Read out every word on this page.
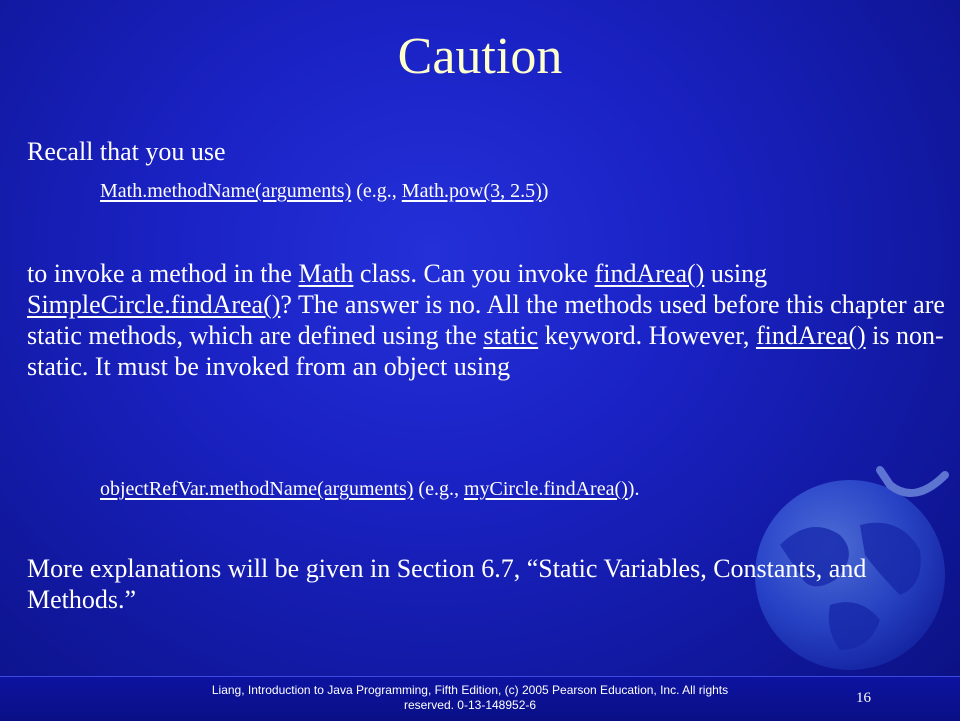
Caution
Recall that you use
Math.methodName(arguments) (e.g., Math.pow(3, 2.5))
to invoke a method in the Math class. Can you invoke findArea() using SimpleCircle.findArea()? The answer is no. All the methods used before this chapter are static methods, which are defined using the static keyword. However, findArea() is non-static. It must be invoked from an object using
objectRefVar.methodName(arguments) (e.g., myCircle.findArea()).
More explanations will be given in Section 6.7, “Static Variables, Constants, and Methods.”
Liang, Introduction to Java Programming, Fifth Edition, (c) 2005 Pearson Education, Inc. All rights reserved. 0-13-148952-6	16
